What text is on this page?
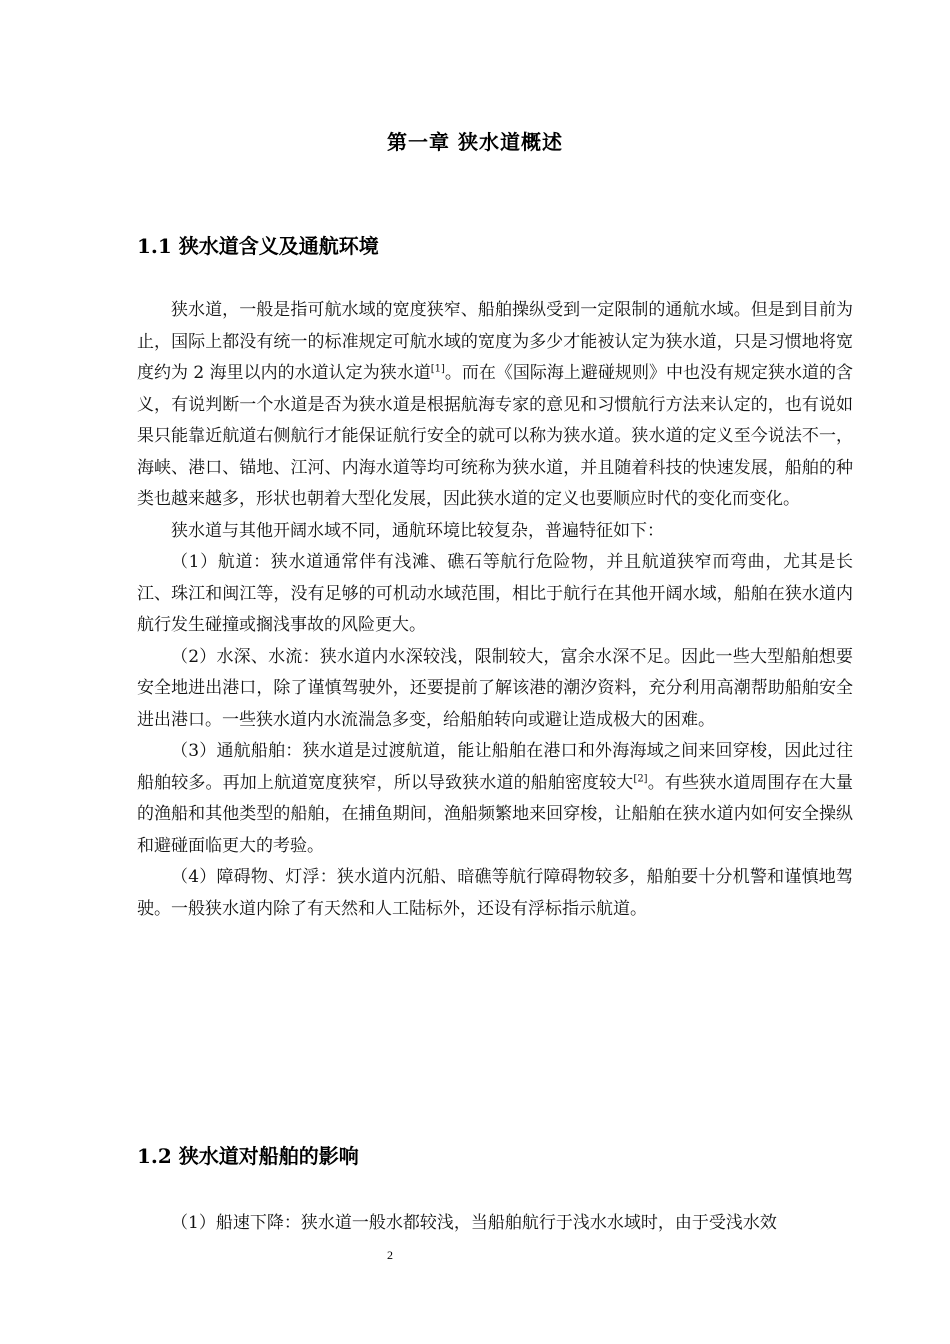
第一章 狭水道概述
1.1 狭水道含义及通航环境

狭水道，一般是指可航水域的宽度狭窄、船舶操纵受到一定限制的通航水域。但是到目前为止，国际上都没有统一的标准规定可航水域的宽度为多少才能被认定为狭水道，只是习惯地将宽度约为 2 海里以内的水道认定为狭水道[1]。而在《国际海上避碰规则》中也没有规定狭水道的含义，有说判断一个水道是否为狭水道是根据航海专家的意见和习惯航行方法来认定的，也有说如果只能靠近航道右侧航行才能保证航行安全的就可以称为狭水道。狭水道的定义至今说法不一，海峡、港口、锚地、江河、内海水道等均可统称为狭水道，并且随着科技的快速发展，船舶的种类也越来越多，形状也朝着大型化发展，因此狭水道的定义也要顺应时代的变化而变化。

狭水道与其他开阔水域不同，通航环境比较复杂，普遍特征如下：

（1）航道：狭水道通常伴有浅滩、礁石等航行危险物，并且航道狭窄而弯曲，尤其是长江、珠江和闽江等，没有足够的可机动水域范围，相比于航行在其他开阔水域，船舶在狭水道内航行发生碰撞或搁浅事故的风险更大。

（2）水深、水流：狭水道内水深较浅，限制较大，富余水深不足。因此一些大型船舶想要安全地进出港口，除了谨慎驾驶外，还要提前了解该港的潮汐资料，充分利用高潮帮助船舶安全进出港口。一些狭水道内水流湍急多变，给船舶转向或避让造成极大的困难。

（3）通航船舶：狭水道是过渡航道，能让船舶在港口和外海海域之间来回穿梭，因此过往船舶较多。再加上航道宽度狭窄，所以导致狭水道的船舶密度较大[2]。有些狭水道周围存在大量的渔船和其他类型的船舶，在捕鱼期间，渔船频繁地来回穿梭，让船舶在狭水道内如何安全操纵和避碰面临更大的考验。

（4）障碍物、灯浮：狭水道内沉船、暗礁等航行障碍物较多，船舶要十分机警和谨慎地驾驶。一般狭水道内除了有天然和人工陆标外，还设有浮标指示航道。

1.2 狭水道对船舶的影响

（1）船速下降：狭水道一般水都较浅，当船舶航行于浅水水域时，由于受浅水效

2
